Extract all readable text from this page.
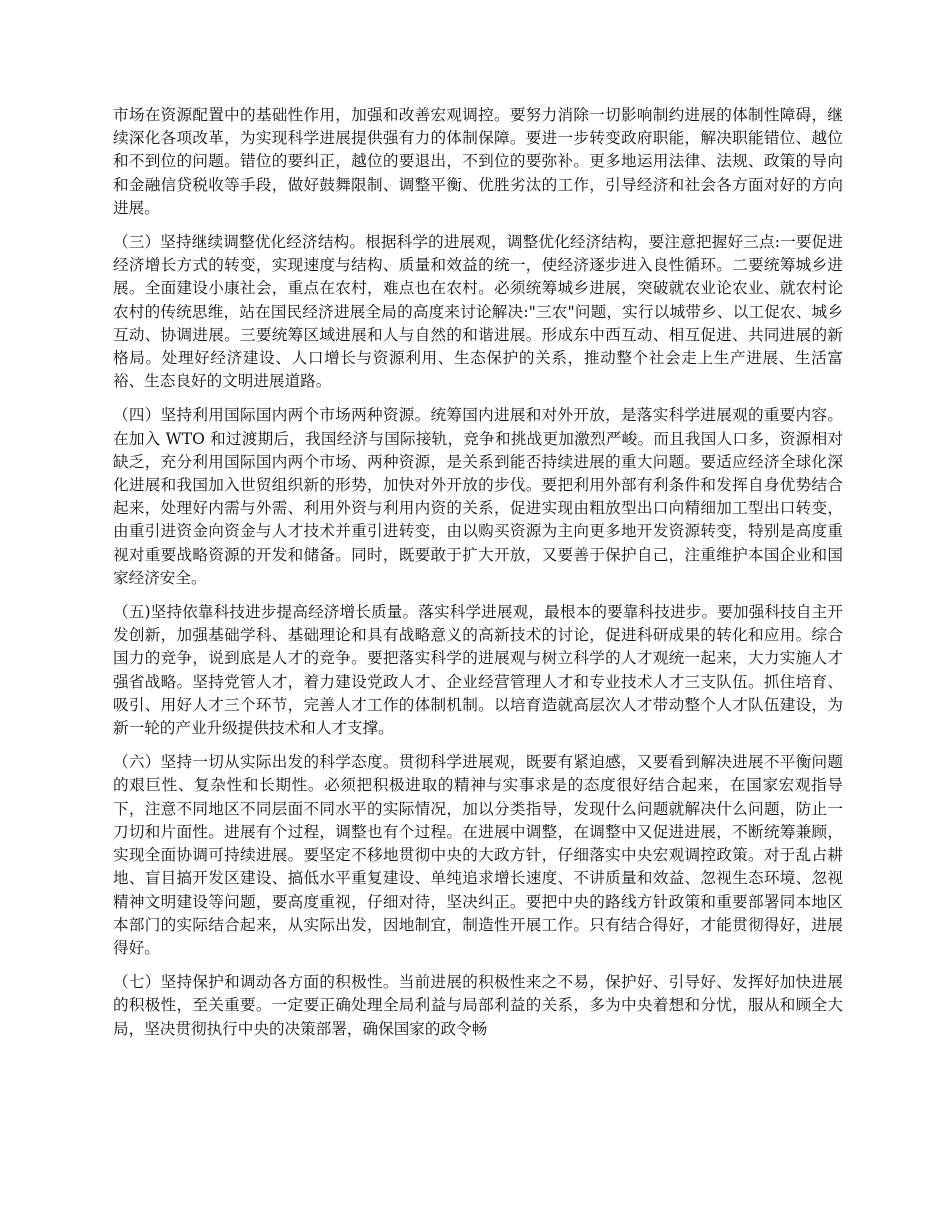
市场在资源配置中的基础性作用，加强和改善宏观调控。要努力消除一切影响制约进展的体制性障碍，继续深化各项改革，为实现科学进展提供强有力的体制保障。要进一步转变政府职能，解决职能错位、越位和不到位的问题。错位的要纠正，越位的要退出，不到位的要弥补。更多地运用法律、法规、政策的导向和金融信贷税收等手段，做好鼓舞限制、调整平衡、优胜劣汰的工作，引导经济和社会各方面对好的方向进展。

（三）坚持继续调整优化经济结构。根据科学的进展观，调整优化经济结构，要注意把握好三点:一要促进经济增长方式的转变，实现速度与结构、质量和效益的统一，使经济逐步进入良性循环。二要统筹城乡进展。全面建设小康社会，重点在农村，难点也在农村。必须统筹城乡进展，突破就农业论农业、就农村论农村的传统思维，站在国民经济进展全局的高度来讨论解决:"三农"问题，实行以城带乡、以工促农、城乡互动、协调进展。三要统筹区域进展和人与自然的和谐进展。形成东中西互动、相互促进、共同进展的新格局。处理好经济建设、人口增长与资源利用、生态保护的关系，推动整个社会走上生产进展、生活富裕、生态良好的文明进展道路。

（四）坚持利用国际国内两个市场两种资源。统筹国内进展和对外开放，是落实科学进展观的重要内容。在加入 WTO 和过渡期后，我国经济与国际接轨，竞争和挑战更加激烈严峻。而且我国人口多，资源相对缺乏，充分利用国际国内两个市场、两种资源，是关系到能否持续进展的重大问题。要适应经济全球化深化进展和我国加入世贸组织新的形势，加快对外开放的步伐。要把利用外部有利条件和发挥自身优势结合起来，处理好内需与外需、利用外资与利用内资的关系，促进实现由粗放型出口向精细加工型出口转变，由重引进资金向资金与人才技术并重引进转变，由以购买资源为主向更多地开发资源转变，特别是高度重视对重要战略资源的开发和储备。同时，既要敢于扩大开放，又要善于保护自己，注重维护本国企业和国家经济安全。

（五)坚持依靠科技进步提高经济增长质量。落实科学进展观，最根本的要靠科技进步。要加强科技自主开发创新，加强基础学科、基础理论和具有战略意义的高新技术的讨论，促进科研成果的转化和应用。综合国力的竞争，说到底是人才的竞争。要把落实科学的进展观与树立科学的人才观统一起来，大力实施人才强省战略。坚持党管人才，着力建设党政人才、企业经营管理人才和专业技术人才三支队伍。抓住培育、吸引、用好人才三个环节，完善人才工作的体制机制。以培育造就高层次人才带动整个人才队伍建设，为新一轮的产业升级提供技术和人才支撑。

（六）坚持一切从实际出发的科学态度。贯彻科学进展观，既要有紧迫感，又要看到解决进展不平衡问题的艰巨性、复杂性和长期性。必须把积极进取的精神与实事求是的态度很好结合起来，在国家宏观指导下，注意不同地区不同层面不同水平的实际情况，加以分类指导，发现什么问题就解决什么问题，防止一刀切和片面性。进展有个过程，调整也有个过程。在进展中调整，在调整中又促进进展，不断统筹兼顾，实现全面协调可持续进展。要坚定不移地贯彻中央的大政方针，仔细落实中央宏观调控政策。对于乱占耕地、盲目搞开发区建设、搞低水平重复建设、单纯追求增长速度、不讲质量和效益、忽视生态环境、忽视精神文明建设等问题，要高度重视，仔细对待，坚决纠正。要把中央的路线方针政策和重要部署同本地区本部门的实际结合起来，从实际出发，因地制宜，制造性开展工作。只有结合得好，才能贯彻得好，进展得好。

（七）坚持保护和调动各方面的积极性。当前进展的积极性来之不易，保护好、引导好、发挥好加快进展的积极性，至关重要。一定要正确处理全局利益与局部利益的关系，多为中央着想和分忧，服从和顾全大局，坚决贯彻执行中央的决策部署，确保国家的政令畅
